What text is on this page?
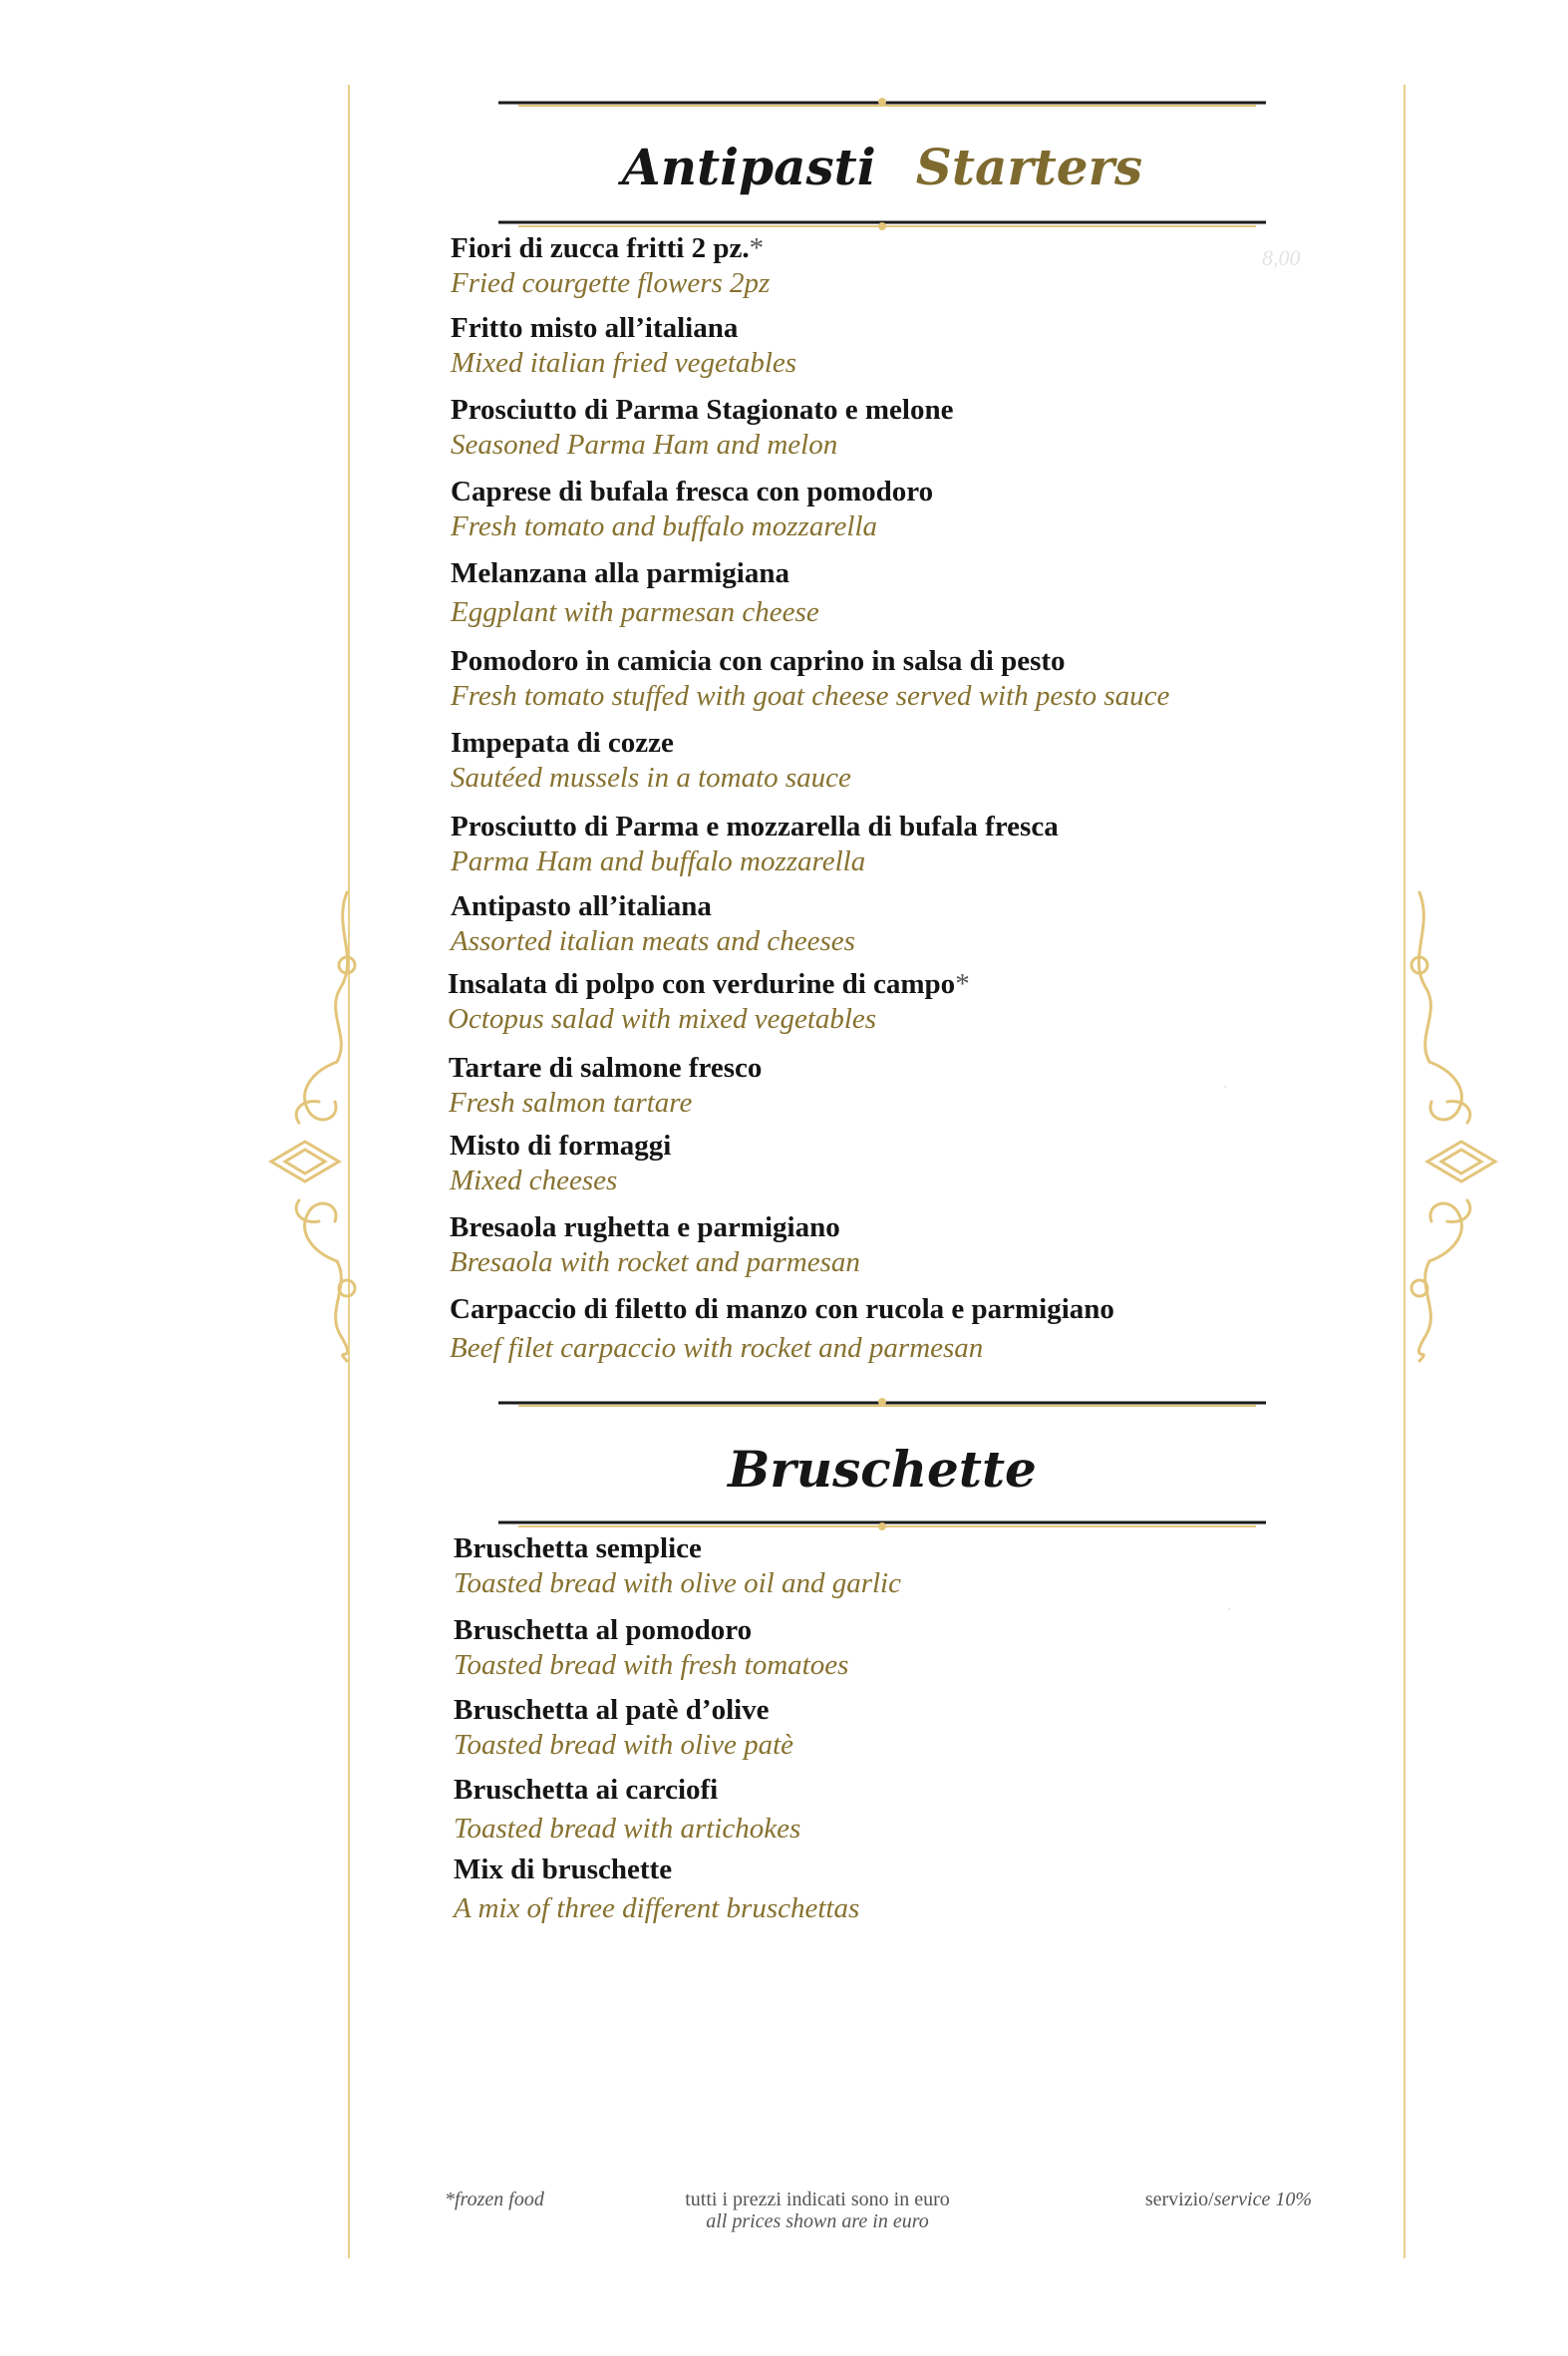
Antipasti Starters
8,00
Fiori di zucca fritti 2 pz.*
Fried courgette flowers 2pz
Fritto misto all’italiana
Mixed italian fried vegetables
Prosciutto di Parma Stagionato e melone
Seasoned Parma Ham and melon
Caprese di bufala fresca con pomodoro
Fresh tomato and buffalo mozzarella
Melanzana alla parmigiana
Eggplant with parmesan cheese
Pomodoro in camicia con caprino in salsa di pesto
Fresh tomato stuffed with goat cheese served with pesto sauce
Impepata di cozze
Sautéed mussels in a tomato sauce
Prosciutto di Parma e mozzarella di bufala fresca
Parma Ham and buffalo mozzarella
Antipasto all’italiana
Assorted italian meats and cheeses
Insalata di polpo con verdurine di campo*
Octopus salad with mixed vegetables
Tartare di salmone fresco
Fresh salmon tartare
Misto di formaggi
Mixed cheeses
Bresaola rughetta e parmigiano
Bresaola with rocket and parmesan
Carpaccio di filetto di manzo con rucola e parmigiano
Beef filet carpaccio with rocket and parmesan
·
·
Bruschette
Bruschetta semplice
Toasted bread with olive oil and garlic
Bruschetta al pomodoro
Toasted bread with fresh tomatoes
Bruschetta al patè d’olive
Toasted bread with olive patè
Bruschetta ai carciofi
Toasted bread with artichokes
Mix di bruschette
A mix of three different bruschettas
*frozen food	tutti i prezzi indicati sono in euro
all prices shown are in euro
servizio/service 10%
